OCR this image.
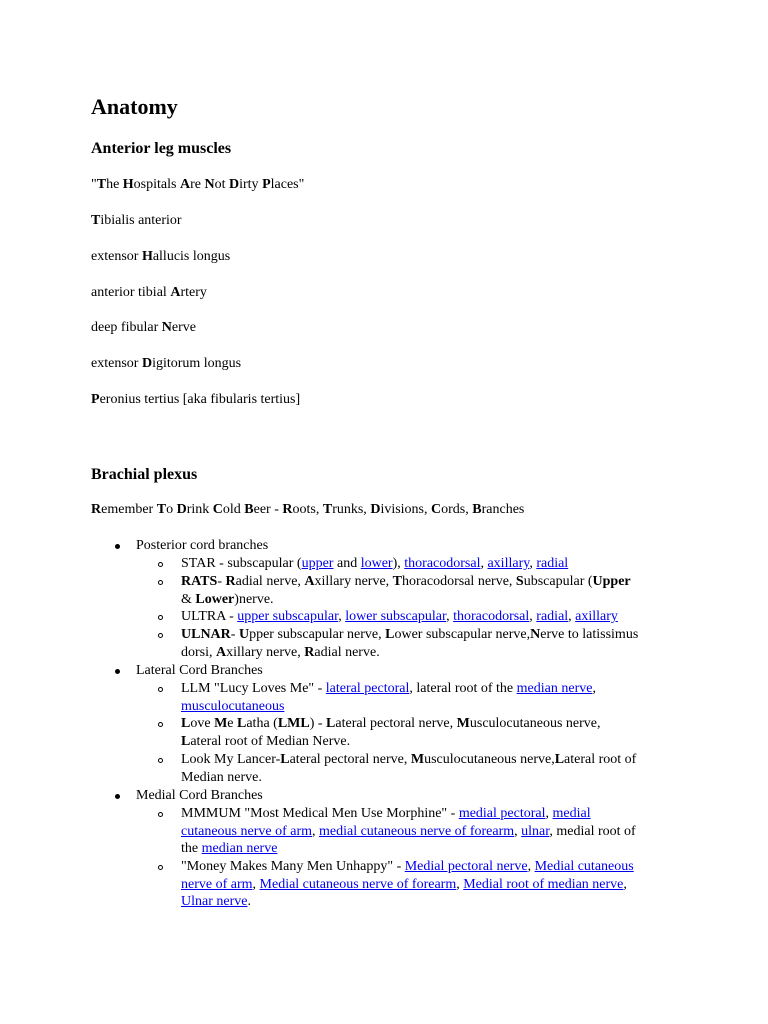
Anatomy
Anterior leg muscles

"The Hospitals Are Not Dirty Places"

Tibialis anterior

extensor Hallucis longus

anterior tibial Artery

deep fibular Nerve

extensor Digitorum longus

Peronius tertius [aka fibularis tertius]

Brachial plexus

Remember To Drink Cold Beer - Roots, Trunks, Divisions, Cords, Branches

Posterior cord branches

STAR - subscapular (upper and lower), thoracodorsal, axillary, radial

RATS- Radial nerve, Axillary nerve, Thoracodorsal nerve, Subscapular (Upper

& Lower)nerve.

ULTRA - upper subscapular, lower subscapular, thoracodorsal, radial, axillary

ULNAR- Upper subscapular nerve, Lower subscapular nerve,Nerve to latissimus

dorsi, Axillary nerve, Radial nerve.

Lateral Cord Branches

LLM "Lucy Loves Me" - lateral pectoral, lateral root of the median nerve,

musculocutaneous

Love Me Latha (LML) - Lateral pectoral nerve, Musculocutaneous nerve,

Lateral root of Median Nerve.

Look My Lancer-Lateral pectoral nerve, Musculocutaneous nerve,Lateral root of

Median nerve.

Medial Cord Branches

MMMUM "Most Medical Men Use Morphine" - medial pectoral, medial

cutaneous nerve of arm, medial cutaneous nerve of forearm, ulnar, medial root of

the median nerve

"Money Makes Many Men Unhappy" - Medial pectoral nerve, Medial cutaneous

nerve of arm, Medial cutaneous nerve of forearm, Medial root of median nerve,

Ulnar nerve.
